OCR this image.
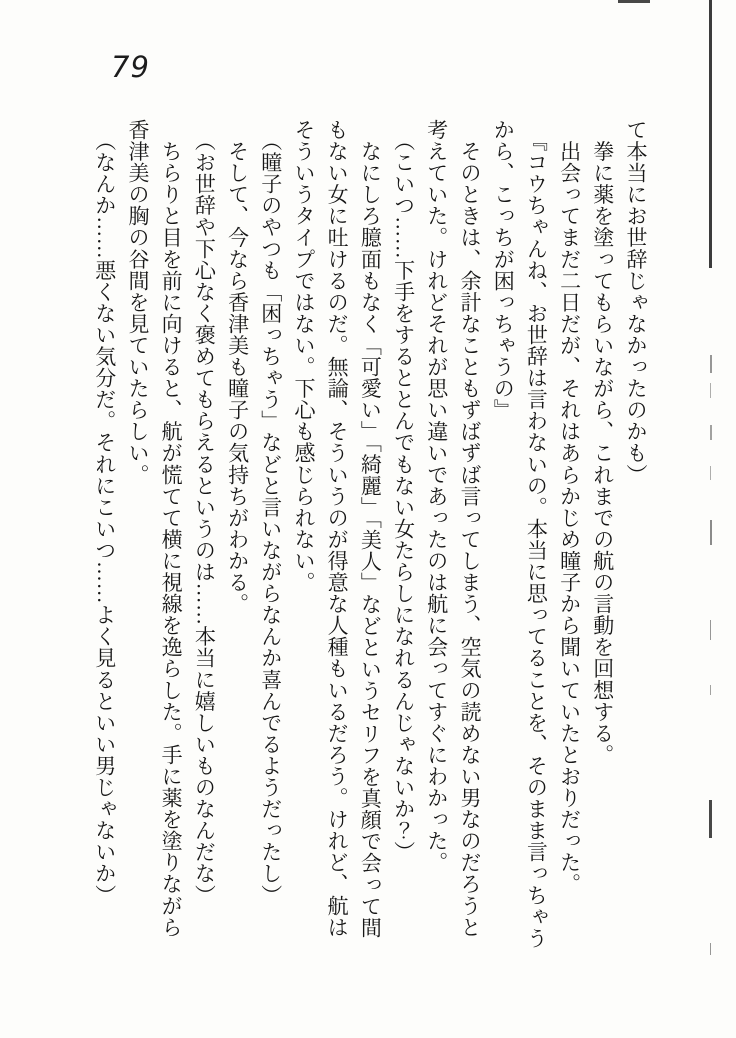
79

て本当にお世辞じゃなかったのかも）

　拳に薬を塗ってもらいながら、これまでの航の言動を回想する。

　出会ってまだ二日だが、それはあらかじめ瞳子から聞いていたとおりだった。

　『コウちゃんね、お世辞は言わないの。本当に思ってることを、そのまま言っちゃう

から、こっちが困っちゃうの』

　そのときは、余計なこともずばずば言ってしまう、空気の読めない男なのだろうと

考えていた。けれどそれが思い違いであったのは航に会ってすぐにわかった。

　（こいつ……下手をするととんでもない女たらしになれるんじゃないか？）

　なにしろ臆面もなく「可愛い」「綺麗」「美人」などというセリフを真顔で会って間

もない女に吐けるのだ。無論、そういうのが得意な人種もいるだろう。けれど、航は

そういうタイプではない。下心も感じられない。

　（瞳子のやつも「困っちゃう」などと言いながらなんか喜んでるようだったし）

　そして、今なら香津美も瞳子の気持ちがわかる。

　（お世辞や下心なく褒めてもらえるというのは……本当に嬉しいものなんだな）

　ちらりと目を前に向けると、航が慌てて横に視線を逸らした。手に薬を塗りながら

香津美の胸の谷間を見ていたらしい。

　（なんか……悪くない気分だ。それにこいつ……よく見るといい男じゃないか）
